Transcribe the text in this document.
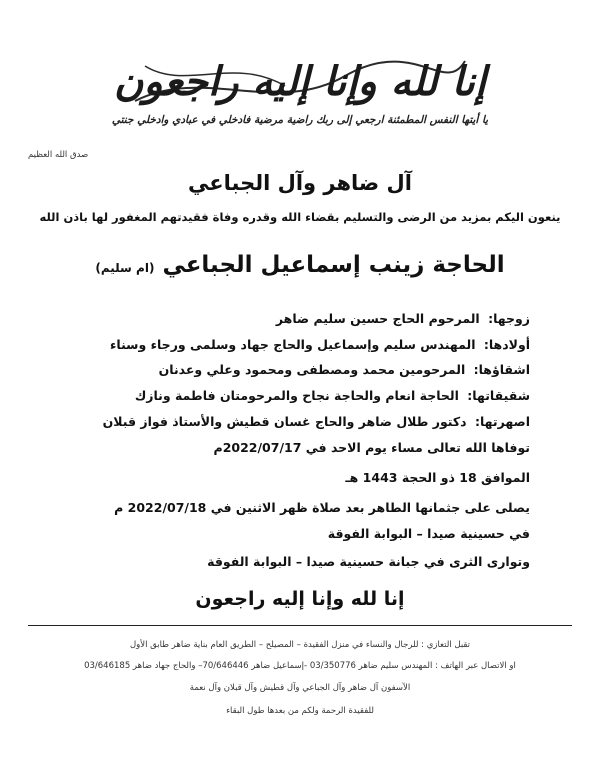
إنا لله وإنا إليه راجعون
يا أيتها النفس المطمئنة ارجعي إلى ربك راضية مرضية فادخلي في عبادي وادخلي جنتي
صدق الله العظيم
آل ضاهر وآل الجباعي
ينعون اليكم بمزيد من الرضى والتسليم بقضاء الله وقدره وفاة فقيدتهم المغفور لها باذن الله
الحاجة زينب إسماعيل الجباعي (ام سليم)
زوجها: المرحوم الحاج حسين سليم ضاهر
أولادها: المهندس سليم وإسماعيل والحاج جهاد وسلمى ورجاء وسناء
اشقاؤها: المرحومين محمد ومصطفى ومحمود وعلي وعدنان
شقيقاتها: الحاجة انعام والحاجة نجاح والمرحومتان فاطمة ونازك
اصهرتها: دكتور طلال ضاهر والحاج غسان قطيش والأستاذ فواز قبلان
توفاها الله تعالى مساء يوم الاحد في 2022/07/17م
الموافق 18 ذو الحجة 1443 هـ
يصلى على جثمانها الطاهر بعد صلاة ظهر الاثنين في 2022/07/18 م
في حسينية صيدا – البوابة الفوقة
وتوارى الثرى في جبانة حسينية صيدا – البوابة الفوقة
إنا لله وإنا إليه راجعون
تقبل التعازي : للرجال والنساء في منزل الفقيدة – المصيلح – الطريق العام بناية ضاهر طابق الأول
او الاتصال عبر الهاتف : المهندس سليم ضاهر 03/350776 -إسماعيل ضاهر 70/646446– والحاج جهاد ضاهر 03/646185
الآسفون آل ضاهر وآل الجباعي وآل قطيش وآل قبلان وآل نعمة
للفقيدة الرحمة ولكم من بعدها طول البقاء
